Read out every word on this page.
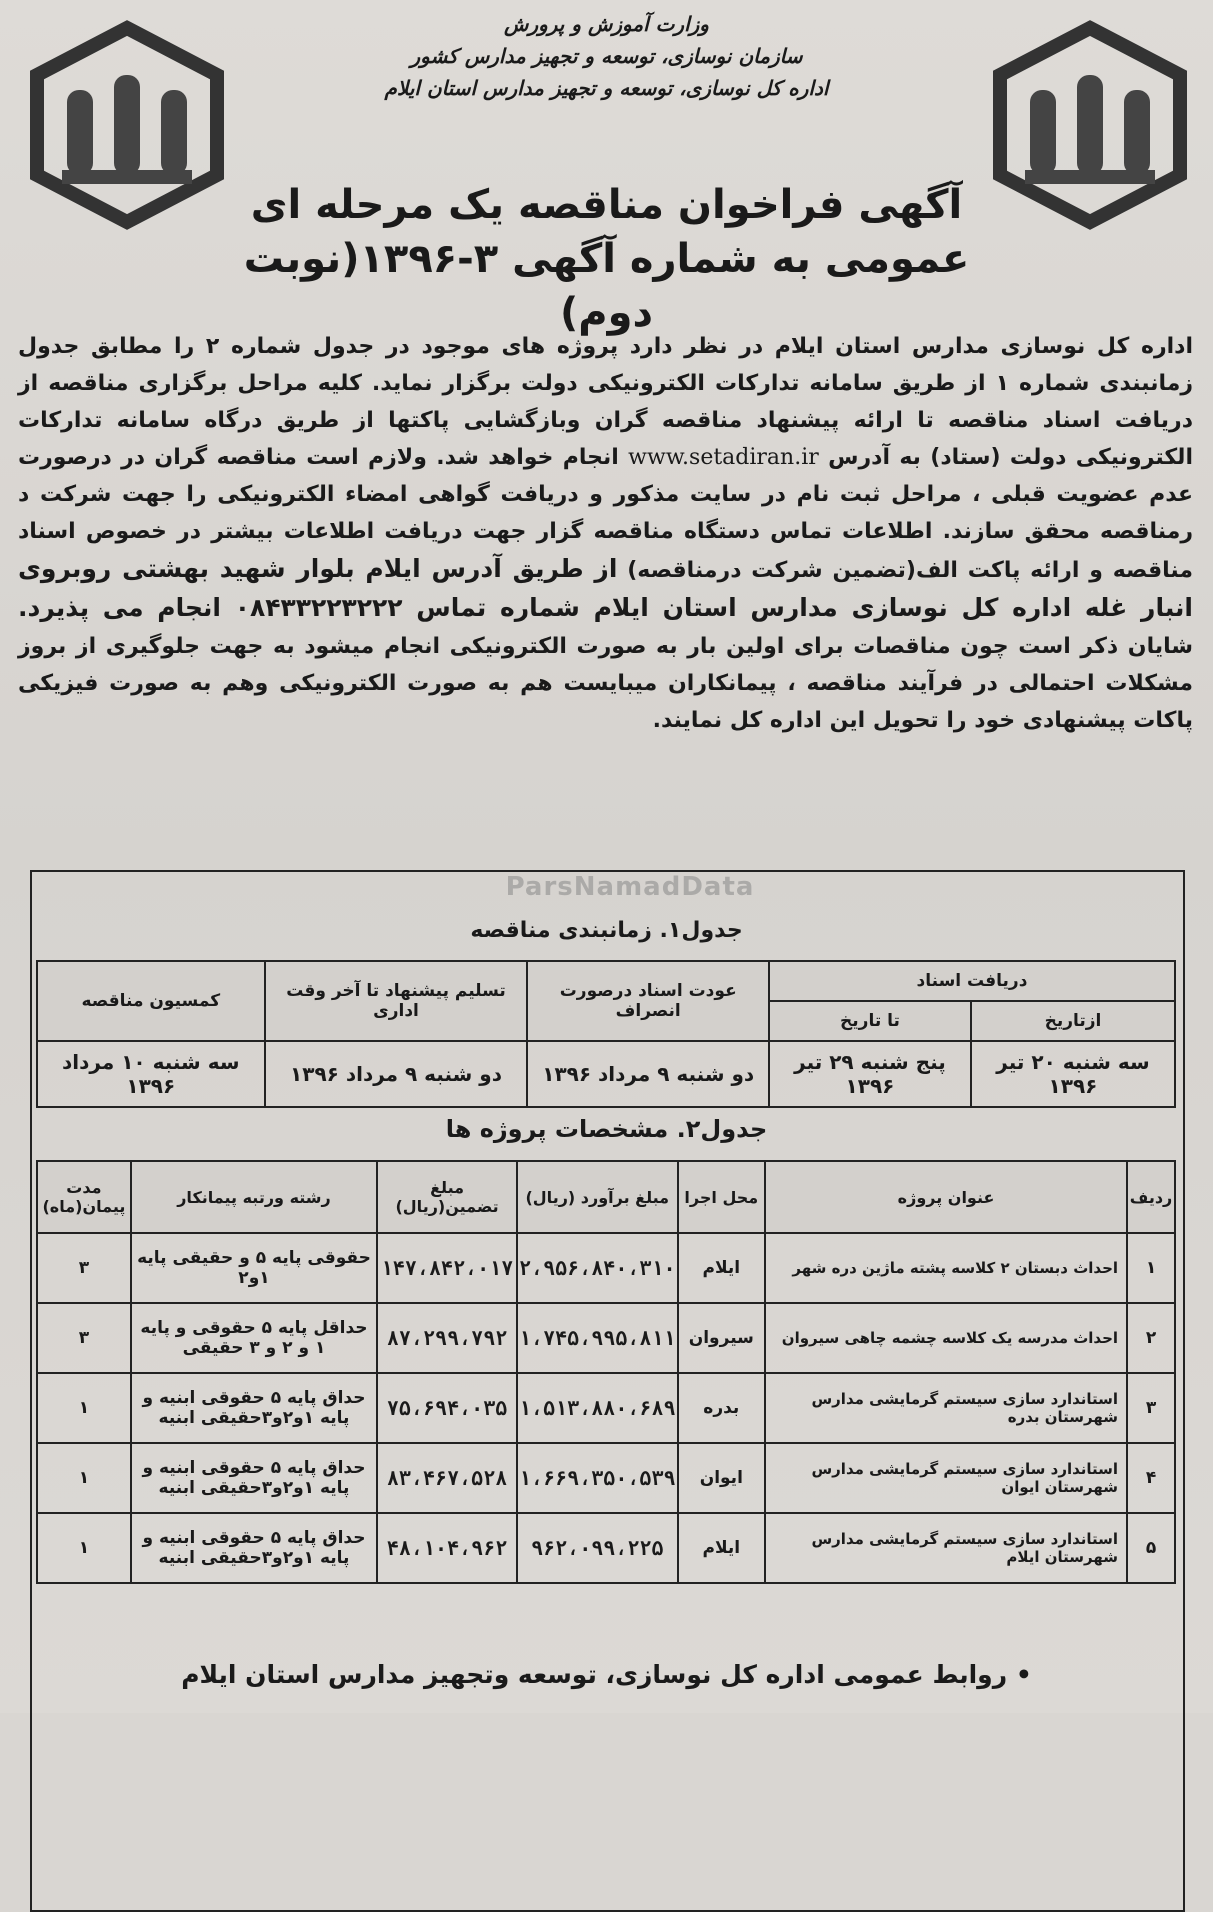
وزارت آموزش و پرورش
سازمان نوسازی، توسعه و تجهیز مدارس کشور
اداره کل نوسازی، توسعه و تجهیز مدارس استان ایلام
آگهی فراخوان مناقصه یک مرحله ای
عمومی به شماره آگهی ۳-۱۳۹۶(نوبت دوم)
اداره کل نوسازی مدارس استان ایلام در نظر دارد پروژه های موجود در جدول شماره ۲ را مطابق جدول زمانبندی شماره ۱ از طریق سامانه تدارکات الکترونیکی دولت برگزار نماید. کلیه مراحل برگزاری مناقصه از دریافت اسناد مناقصه تا ارائه پیشنهاد مناقصه گران وبازگشایی پاکتها از طریق درگاه سامانه تدارکات الکترونیکی دولت (ستاد) به آدرس www.setadiran.ir انجام خواهد شد. ولازم است مناقصه گران در درصورت عدم عضویت قبلی ، مراحل ثبت نام در سایت مذکور و دریافت گواهی امضاء الکترونیکی را جهت شرکت د رمناقصه محقق سازند. اطلاعات تماس دستگاه مناقصه گزار جهت دریافت اطلاعات بیشتر در خصوص اسناد مناقصه و ارائه پاکت الف(تضمین شرکت درمناقصه) از طریق آدرس ایلام بلوار شهید بهشتی روبروی انبار غله اداره کل نوسازی مدارس استان ایلام شماره تماس ۰۸۴۳۳۲۲۳۲۲۲ انجام می پذیرد. شایان ذکر است چون مناقصات برای اولین بار به صورت الکترونیکی انجام میشود به جهت جلوگیری از بروز مشکلات احتمالی در فرآیند مناقصه ، پیمانکاران میبایست هم به صورت الکترونیکی وهم به صورت فیزیکی پاکات پیشنهادی خود را تحویل این اداره کل نمایند.
ParsNamadData
جدول۱. زمانبندی مناقصه
دریافت اسناد		عودت اسناد درصورت انصراف	تسلیم پیشنهاد تا آخر وقت اداری	کمسیون مناقصه
ازتاریخ	تا تاریخ			
سه شنبه ۲۰ تیر ۱۳۹۶	پنج شنبه ۲۹ تیر ۱۳۹۶	دو شنبه ۹ مرداد ۱۳۹۶	دو شنبه ۹ مرداد ۱۳۹۶	سه شنبه ۱۰ مرداد ۱۳۹۶
جدول۲. مشخصات پروژه ها
ردیف	عنوان پروژه	محل اجرا	مبلغ برآورد (ریال)	مبلغ تضمین(ریال)	رشته ورتبه پیمانکار	مدت پیمان(ماه)
۱	احداث دبستان ۲ کلاسه پشته ماژین دره شهر	ایلام	۲،۹۵۶،۸۴۰،۳۱۰	۱۴۷،۸۴۲،۰۱۷	حقوقی پایه ۵ و حقیقی پایه ۱و۲	۳
۲	احداث مدرسه یک کلاسه چشمه چاهی سیروان	سیروان	۱،۷۴۵،۹۹۵،۸۱۱	۸۷،۲۹۹،۷۹۲	حداقل پایه ۵ حقوقی و پایه ۱ و ۲ و ۳ حقیقی	۳
۳	استاندارد سازی سیستم گرمایشی مدارس شهرستان بدره	بدره	۱،۵۱۳،۸۸۰،۶۸۹	۷۵،۶۹۴،۰۳۵	حداق پایه ۵ حقوقی ابنیه و پایه ۱و۲و۳حقیقی ابنیه	۱
۴	استاندارد سازی سیستم گرمایشی مدارس شهرستان ایوان	ایوان	۱،۶۶۹،۳۵۰،۵۳۹	۸۳،۴۶۷،۵۲۸	حداق پایه ۵ حقوقی ابنیه و پایه ۱و۲و۳حقیقی ابنیه	۱
۵	استاندارد سازی سیستم گرمایشی مدارس شهرستان ایلام	ایلام	۹۶۲،۰۹۹،۲۲۵	۴۸،۱۰۴،۹۶۲	حداق پایه ۵ حقوقی ابنیه و پایه ۱و۲و۳حقیقی ابنیه	۱
• روابط عمومی اداره کل نوسازی، توسعه وتجهیز مدارس استان ایلام
